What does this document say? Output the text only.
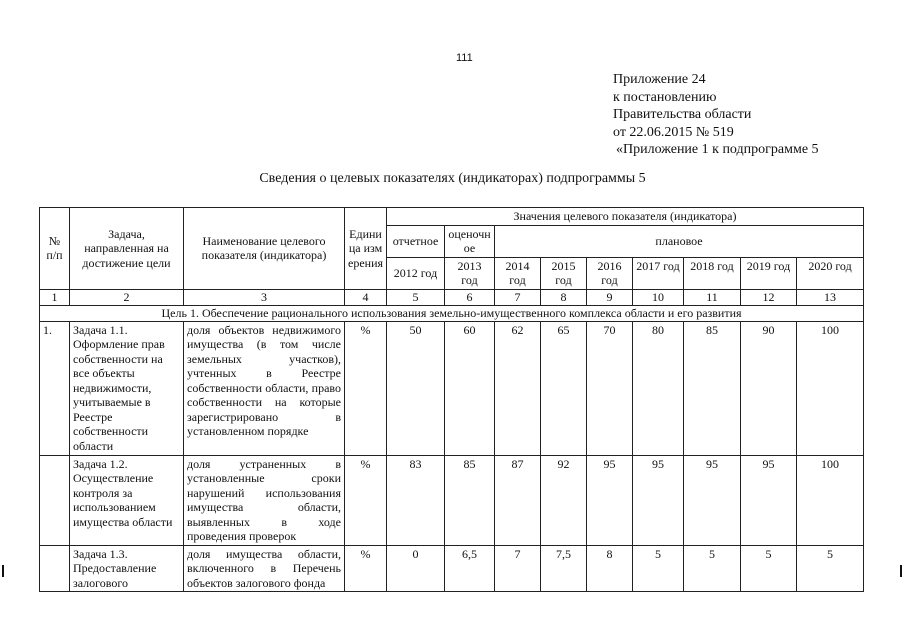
111
Приложение 24
к постановлению
Правительства области
от 22.06.2015 № 519
«Приложение 1 к подпрограмме 5
Сведения о целевых показателях (индикаторах) подпрограммы 5
№ п/п	Задача, направленная на достижение цели	Наименование целевого показателя (индикатора)	Единица измерения	Значения целевого показателя (индикатора)								
				отчетное	оценочное	плановое						
				2012 год	2013 год	2014 год	2015 год	2016 год	2017 год	2018 год	2019 год	2020 год
1	2	3	4	5	6	7	8	9	10	11	12	13
Цель 1. Обеспечение рационального использования земельно-имущественного комплекса области и его развития												
1.	Задача 1.1. Оформление прав собственности на все объекты недвижимости, учитываемые в Реестре собственности области	доля объектов недвижимого имущества (в том числе земельных участков), учтенных в Реестре собственности области, право собственности на которые зарегистрировано в установленном порядке	%	50	60	62	65	70	80	85	90	100
	Задача 1.2. Осуществление контроля за использованием имущества области	доля устраненных в установленные сроки нарушений использования имущества области, выявленных в ходе проведения проверок	%	83	85	87	92	95	95	95	95	100
	Задача 1.3. Предоставление залогового	доля имущества области, включенного в Перечень объектов залогового фонда	%	0	6,5	7	7,5	8	5	5	5	5
